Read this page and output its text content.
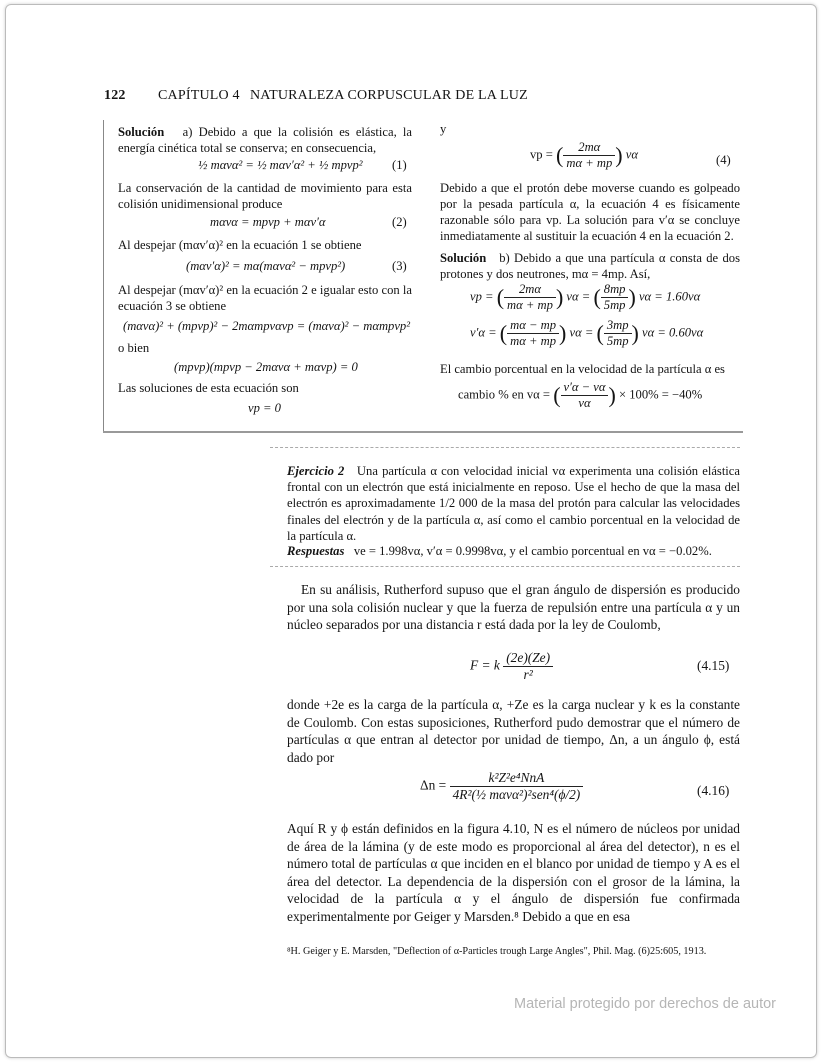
122 CAPÍTULO 4 NATURALEZA CORPUSCULAR DE LA LUZ
Solución a) Debido a que la colisión es elástica, la energía cinética total se conserva; en consecuencia,
½ mαvα² = ½ mαv′α² + ½ mpvp² (1)
La conservación de la cantidad de movimiento para esta colisión unidimensional produce
mαvα = mpvp + mαv′α	(2)
Al despejar (mαv′α)² en la ecuación 1 se obtiene
(mαv′α)² = mα(mαvα² − mpvp²)	(3)
Al despejar (mαv′α)² en la ecuación 2 e igualar esto con la ecuación 3 se obtiene
(mαvα)² + (mpvp)² − 2mαmpvαvp = (mαvα)² − mαmpvp²
o bien
(mpvp)(mpvp − 2mαvα + mαvp) = 0
Las soluciones de esta ecuación son
vp = 0
y
vp = ( $\frac{2m\alpha}{m\alpha + mp}$ ) vα	(4)
Debido a que el protón debe moverse cuando es golpeado por la pesada partícula α, la ecuación 4 es físicamente razonable sólo para vp. La solución para v′α se concluye inmediatamente al sustituir la ecuación 4 en la ecuación 2.
Solución b) Debido a que una partícula α consta de dos protones y dos neutrones, mα = 4mp. Así,
vp = ( $\frac{2m\alpha}{m\alpha + mp}$ ) vα = ( $\frac{8mp}{5mp}$ ) vα = 1.60vα
v′α = ( $\frac{m\alpha - mp}{m\alpha + mp}$ ) vα = ( $\frac{3mp}{5mp}$ ) vα = 0.60vα
El cambio porcentual en la velocidad de la partícula α es
cambio % en vα = ( $\frac{v'\alpha - v\alpha}{v\alpha}$ ) × 100% = −40%
Ejercicio 2 Una partícula α con velocidad inicial vα experimenta una colisión elástica frontal con un electrón que está inicialmente en reposo. Use el hecho de que la masa del electrón es aproximadamente 1/2 000 de la masa del protón para calcular las velocidades finales del electrón y de la partícula α, así como el cambio porcentual en la velocidad de la partícula α.
Respuestas ve = 1.998vα, v′α = 0.9998vα, y el cambio porcentual en vα = −0.02%.
En su análisis, Rutherford supuso que el gran ángulo de dispersión es producido por una sola colisión nuclear y que la fuerza de repulsión entre una partícula α y un núcleo separados por una distancia r está dada por la ley de Coulomb,
F = k $\frac{(2e)(Ze)}{\text{r²}}$	(4.15)
donde +2e es la carga de la partícula α, +Ze es la carga nuclear y k es la constante de Coulomb. Con estas suposiciones, Rutherford pudo demostrar que el número de partículas α que entran al detector por unidad de tiempo, Δn, a un ángulo ϕ, está dado por
$\Delta n = \frac{\text{k²Z²e⁴NnA}}{\text{4R²(½ mαvα²)²sen⁴(ϕ/2)}}$	(4.16)
Aquí R y ϕ están definidos en la figura 4.10, N es el número de núcleos por unidad de área de la lámina (y de este modo es proporcional al área del detector), n es el número total de partículas α que inciden en el blanco por unidad de tiempo y A es el área del detector. La dependencia de la dispersión con el grosor de la lámina, la velocidad de la partícula α y el ángulo de dispersión fue confirmada experimentalmente por Geiger y Marsden.⁸ Debido a que en esa
⁸H. Geiger y E. Marsden, "Deflection of α-Particles trough Large Angles", Phil. Mag. (6)25:605, 1913.
Material protegido por derechos de autor
